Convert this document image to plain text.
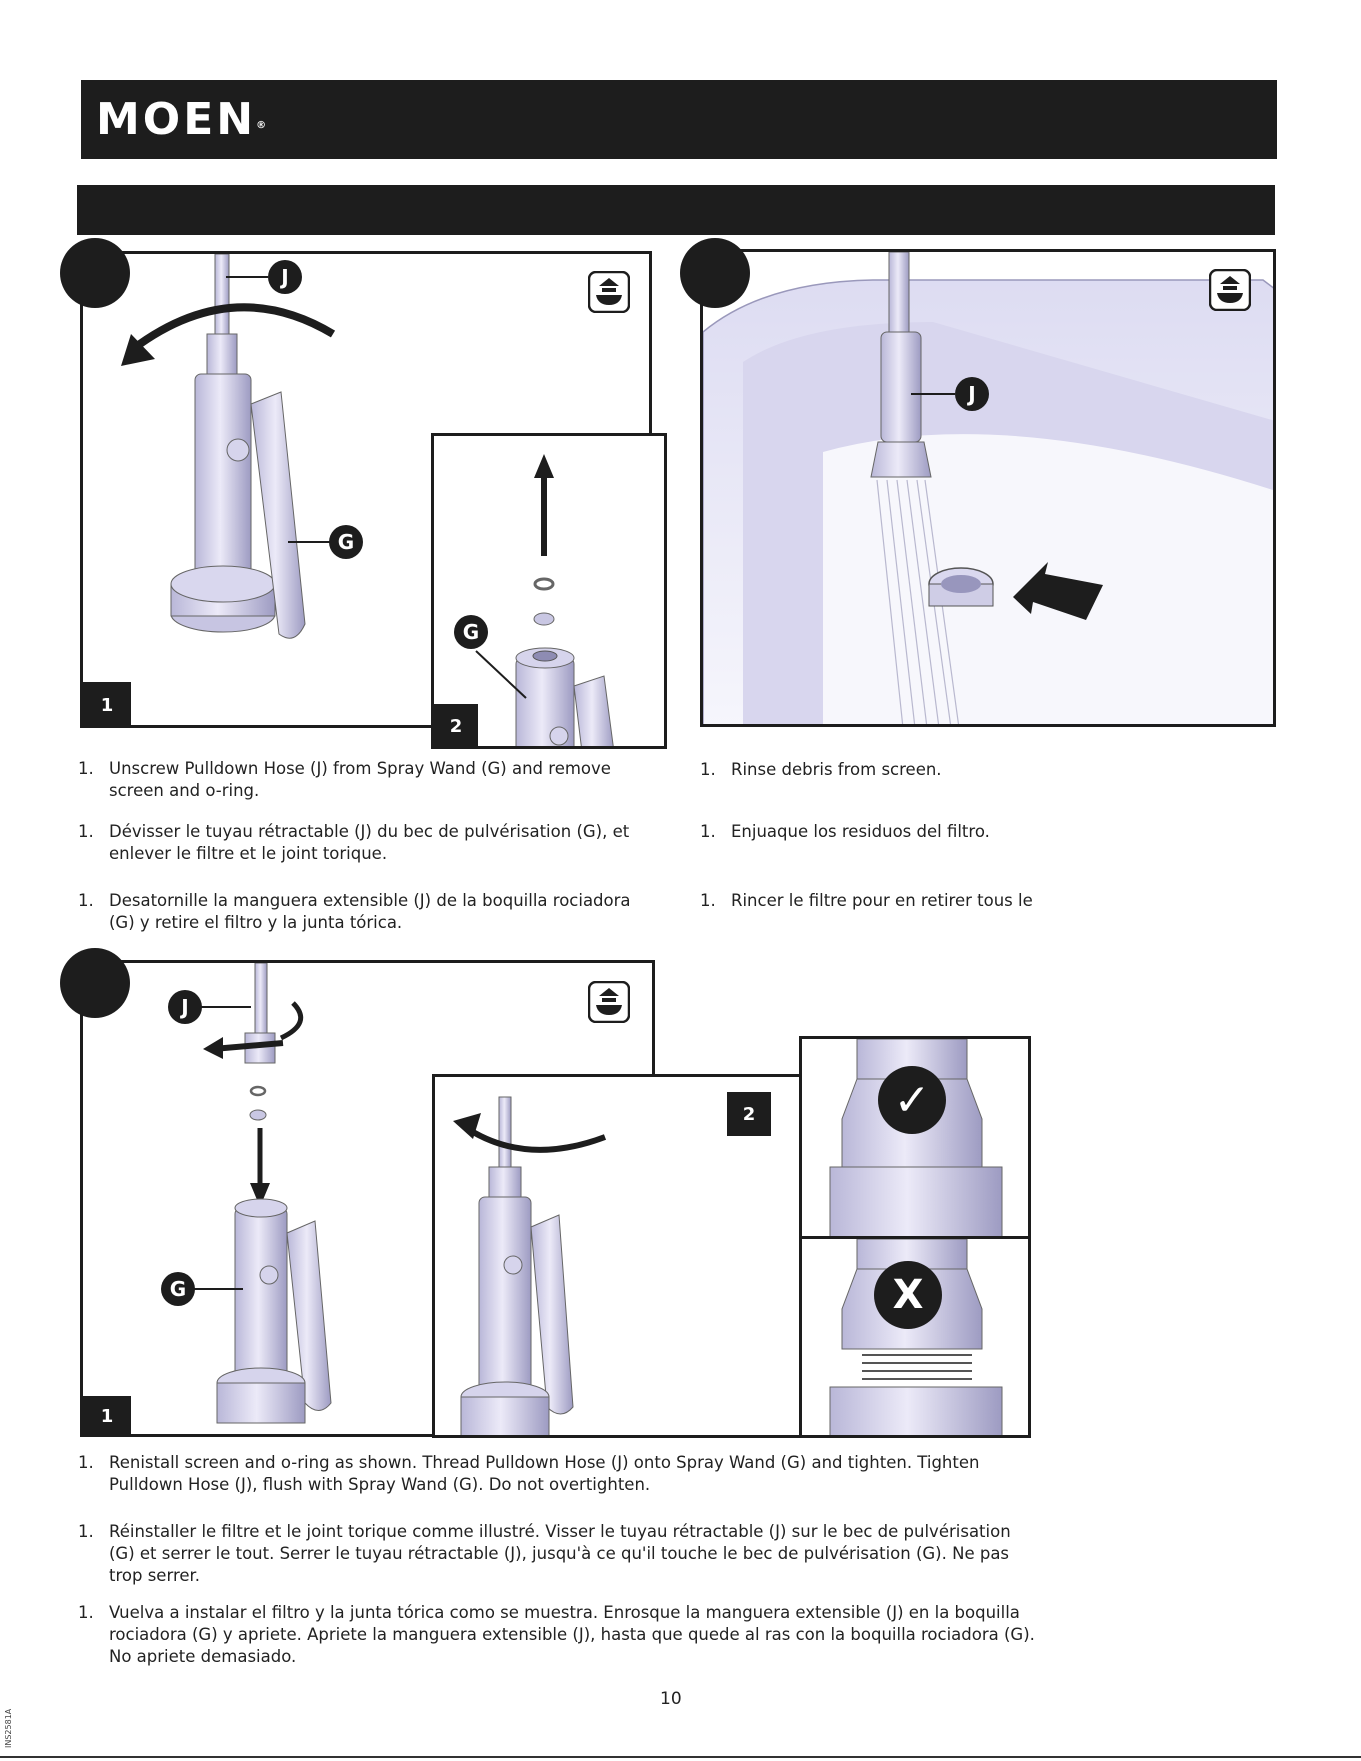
MOEN®
J
G
1
G
2
1. Unscrew Pulldown Hose (J) from Spray Wand (G) and remove screen and o-ring.
1. Dévisser le tuyau rétractable (J) du bec de pulvérisation (G), et enlever le filtre et le joint torique.
1. Desatornille la manguera extensible (J) de la boquilla rociadora (G) y retire el filtro y la junta tórica.
J
1. Rinse debris from screen.
1. Enjuaque los residuos del filtro.
1. Rincer le filtre pour en retirer tous le
J
G
1
2	✓
X
1. Renistall screen and o-ring as shown. Thread Pulldown Hose (J) onto Spray Wand (G) and tighten. Tighten Pulldown Hose (J), flush with Spray Wand (G). Do not overtighten.
1. Réinstaller le filtre et le joint torique comme illustré. Visser le tuyau rétractable (J) sur le bec de pulvérisation (G) et serrer le tout. Serrer le tuyau rétractable (J), jusqu'à ce qu'il touche le bec de pulvérisation (G). Ne pas trop serrer.
1. Vuelva a instalar el filtro y la junta tórica como se muestra. Enrosque la manguera extensible (J) en la boquilla rociadora (G) y apriete. Apriete la manguera extensible (J), hasta que quede al ras con la boquilla rociadora (G). No apriete demasiado.
10
INS2581A
